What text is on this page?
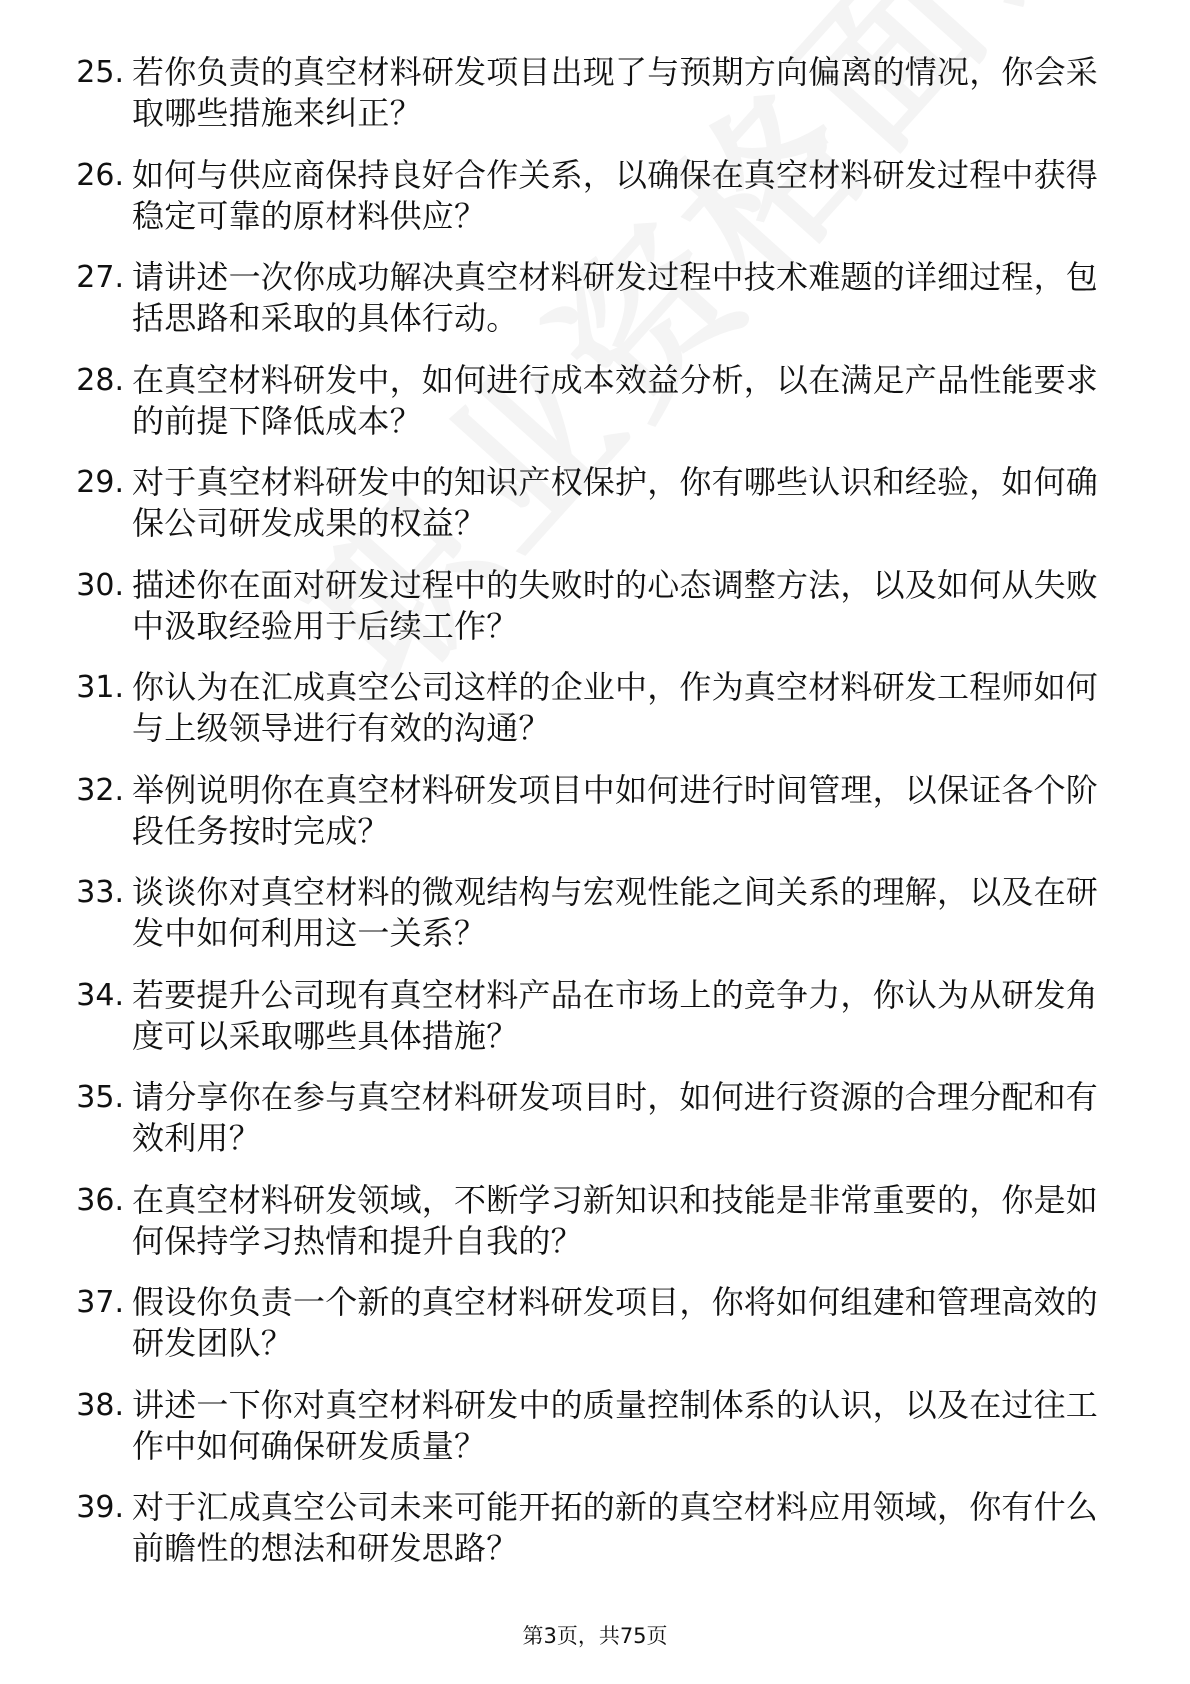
25. 若你负责的真空材料研发项目出现了与预期方向偏离的情况，你会采取哪些措施来纠正？
26. 如何与供应商保持良好合作关系，以确保在真空材料研发过程中获得稳定可靠的原材料供应？
27. 请讲述一次你成功解决真空材料研发过程中技术难题的详细过程，包括思路和采取的具体行动。
28. 在真空材料研发中，如何进行成本效益分析，以在满足产品性能要求的前提下降低成本？
29. 对于真空材料研发中的知识产权保护，你有哪些认识和经验，如何确保公司研发成果的权益？
30. 描述你在面对研发过程中的失败时的心态调整方法，以及如何从失败中汲取经验用于后续工作？
31. 你认为在汇成真空公司这样的企业中，作为真空材料研发工程师如何与上级领导进行有效的沟通？
32. 举例说明你在真空材料研发项目中如何进行时间管理，以保证各个阶段任务按时完成？
33. 谈谈你对真空材料的微观结构与宏观性能之间关系的理解，以及在研发中如何利用这一关系？
34. 若要提升公司现有真空材料产品在市场上的竞争力，你认为从研发角度可以采取哪些具体措施？
35. 请分享你在参与真空材料研发项目时，如何进行资源的合理分配和有效利用？
36. 在真空材料研发领域，不断学习新知识和技能是非常重要的，你是如何保持学习热情和提升自我的？
37. 假设你负责一个新的真空材料研发项目，你将如何组建和管理高效的研发团队？
38. 讲述一下你对真空材料研发中的质量控制体系的认识，以及在过往工作中如何确保研发质量？
39. 对于汇成真空公司未来可能开拓的新的真空材料应用领域，你有什么前瞻性的想法和研发思路？
第3页，共75页
